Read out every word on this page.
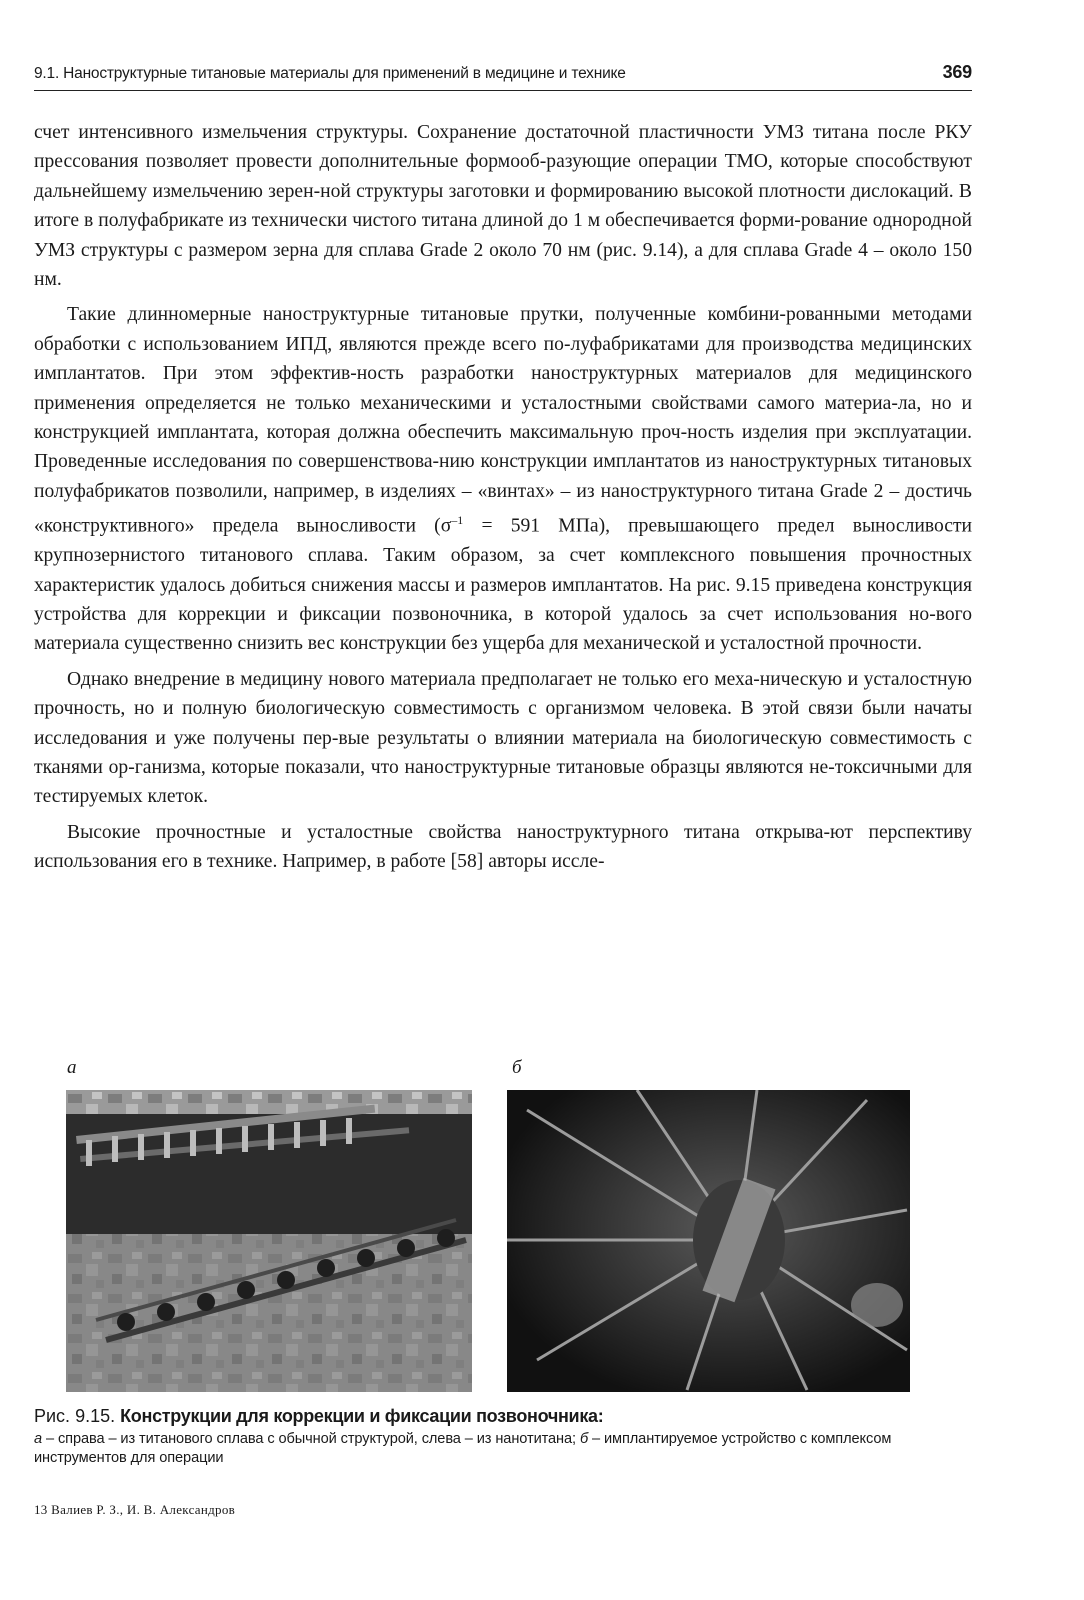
9.1. Наноструктурные титановые материалы для применений в медицине и технике	369

счет интенсивного измельчения структуры. Сохранение достаточной пластичности УМЗ титана после РКУ прессования позволяет провести дополнительные формооб-разующие операции ТМО, которые способствуют дальнейшему измельчению зерен-ной структуры заготовки и формированию высокой плотности дислокаций. В итоге в полуфабрикате из технически чистого титана длиной до 1 м обеспечивается форми-рование однородной УМЗ структуры с размером зерна для сплава Grade 2 около 70 нм (рис. 9.14), а для сплава Grade 4 – около 150 нм.

Такие длинномерные наноструктурные титановые прутки, полученные комбини-рованными методами обработки с использованием ИПД, являются прежде всего по-луфабрикатами для производства медицинских имплантатов. При этом эффектив-ность разработки наноструктурных материалов для медицинского применения определяется не только механическими и усталостными свойствами самого материа-ла, но и конструкцией имплантата, которая должна обеспечить максимальную проч-ность изделия при эксплуатации. Проведенные исследования по совершенствова-нию конструкции имплантатов из наноструктурных титановых полуфабрикатов позволили, например, в изделиях – «винтах» – из наноструктурного титана Grade 2 – достичь «конструктивного» предела выносливости ($\sigma^{-1} = 591$ МПа), превышающего предел выносливости крупнозернистого титанового сплава. Таким образом, за счет комплексного повышения прочностных характеристик удалось добиться снижения массы и размеров имплантатов. На рис. 9.15 приведена конструкция устройства для коррекции и фиксации позвоночника, в которой удалось за счет использования но-вого материала существенно снизить вес конструкции без ущерба для механической и усталостной прочности.

Однако внедрение в медицину нового материала предполагает не только его меха-ническую и усталостную прочность, но и полную биологическую совместимость с организмом человека. В этой связи были начаты исследования и уже получены пер-вые результаты о влиянии материала на биологическую совместимость с тканями ор-ганизма, которые показали, что наноструктурные титановые образцы являются не-токсичными для тестируемых клеток.

Высокие прочностные и усталостные свойства наноструктурного титана открыва-ют перспективу использования его в технике. Например, в работе [58] авторы иссле-

а	б
Рис. 9.15. Конструкции для коррекции и фиксации позвоночника:
а – справа – из титанового сплава с обычной структурой, слева – из нанотитана; б – имплантируемое устройство с комплексом инструментов для операции
13 Валиев Р. З., И. В. Александров
